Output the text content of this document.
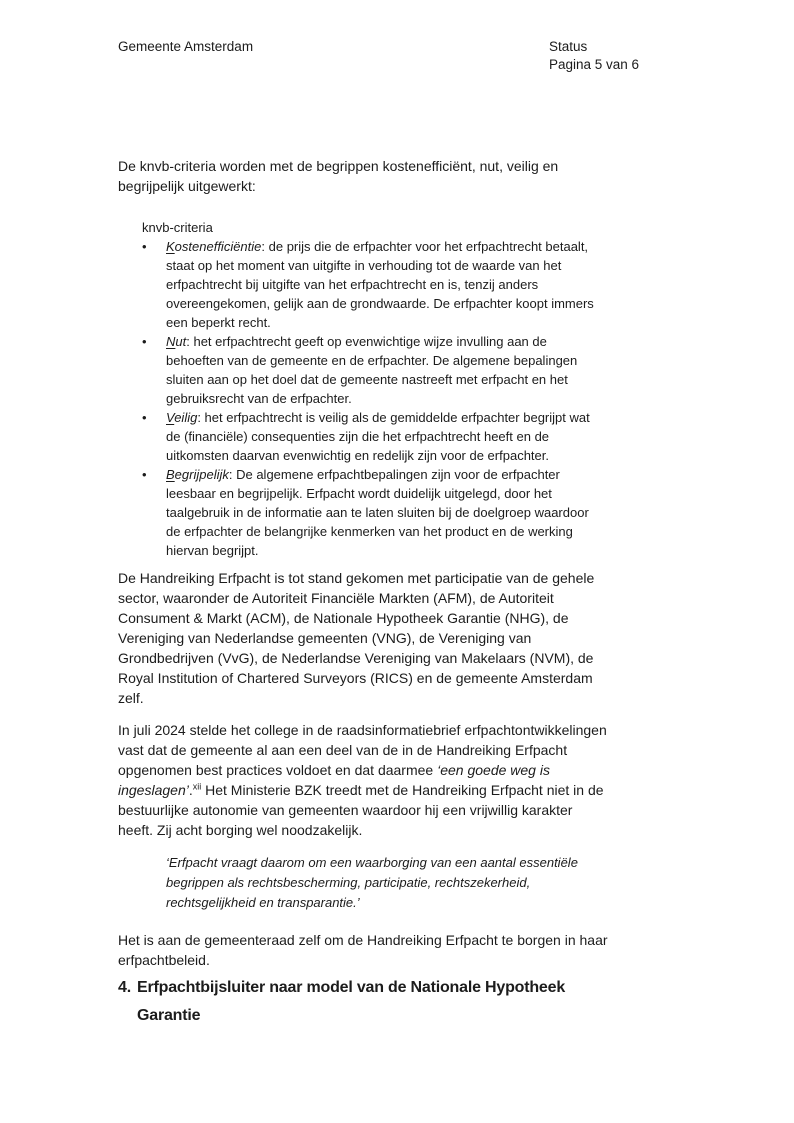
Gemeente Amsterdam	Status
Pagina 5 van 6
De knvb-criteria worden met de begrippen kostenefficiënt, nut, veilig en
begrijpelijk uitgewerkt:
knvb-criteria
•	Kostenefficiëntie: de prijs die de erfpachter voor het erfpachtrecht betaalt,
staat op het moment van uitgifte in verhouding tot de waarde van het
erfpachtrecht bij uitgifte van het erfpachtrecht en is, tenzij anders
overeengekomen, gelijk aan de grondwaarde. De erfpachter koopt immers
een beperkt recht.
•	Nut: het erfpachtrecht geeft op evenwichtige wijze invulling aan de
behoeften van de gemeente en de erfpachter. De algemene bepalingen
sluiten aan op het doel dat de gemeente nastreeft met erfpacht en het
gebruiksrecht van de erfpachter.
•	Veilig: het erfpachtrecht is veilig als de gemiddelde erfpachter begrijpt wat
de (financiële) consequenties zijn die het erfpachtrecht heeft en de
uitkomsten daarvan evenwichtig en redelijk zijn voor de erfpachter.
•	Begrijpelijk: De algemene erfpachtbepalingen zijn voor de erfpachter
leesbaar en begrijpelijk. Erfpacht wordt duidelijk uitgelegd, door het
taalgebruik in de informatie aan te laten sluiten bij de doelgroep waardoor
de erfpachter de belangrijke kenmerken van het product en de werking
hiervan begrijpt.
De Handreiking Erfpacht is tot stand gekomen met participatie van de gehele
sector, waaronder de Autoriteit Financiële Markten (AFM), de Autoriteit
Consument & Markt (ACM), de Nationale Hypotheek Garantie (NHG), de
Vereniging van Nederlandse gemeenten (VNG), de Vereniging van
Grondbedrijven (VvG), de Nederlandse Vereniging van Makelaars (NVM), de
Royal Institution of Chartered Surveyors (RICS) en de gemeente Amsterdam
zelf.
In juli 2024 stelde het college in de raadsinformatiebrief erfpachtontwikkelingen
vast dat de gemeente al aan een deel van de in de Handreiking Erfpacht
opgenomen best practices voldoet en dat daarmee ‘een goede weg is
ingeslagen’.$^{xii}$ Het Ministerie BZK treedt met de Handreiking Erfpacht niet in de
bestuurlijke autonomie van gemeenten waardoor hij een vrijwillig karakter
heeft. Zij acht borging wel noodzakelijk.
‘Erfpacht vraagt daarom om een waarborging van een aantal essentiële
begrippen als rechtsbescherming, participatie, rechtszekerheid,
rechtsgelijkheid en transparantie.’
Het is aan de gemeenteraad zelf om de Handreiking Erfpacht te borgen in haar
erfpachtbeleid.
4. Erfpachtbijsluiter naar model van de Nationale Hypotheek
Garantie
